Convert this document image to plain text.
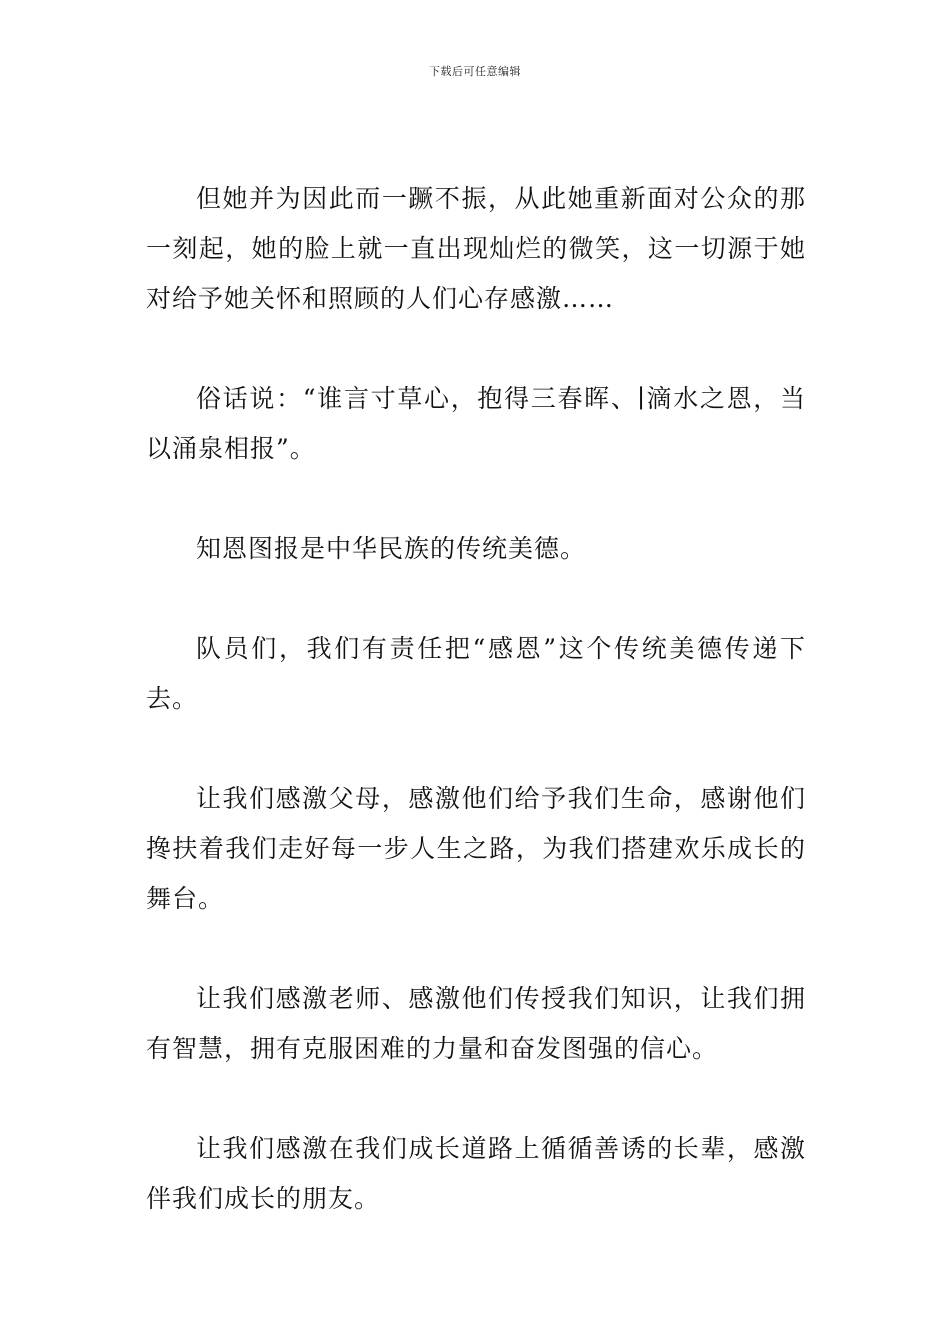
下载后可任意编辑

但她并为因此而一蹶不振，从此她重新面对公众的那一刻起，她的脸上就一直出现灿烂的微笑，这一切源于她对给予她关怀和照顾的人们心存感激……

俗话说：“谁言寸草心，抱得三春晖、∣滴水之恩，当以涌泉相报”。

知恩图报是中华民族的传统美德。

队员们，我们有责任把“感恩”这个传统美德传递下去。

让我们感激父母，感激他们给予我们生命，感谢他们搀扶着我们走好每一步人生之路，为我们搭建欢乐成长的舞台。

让我们感激老师、感激他们传授我们知识，让我们拥有智慧，拥有克服困难的力量和奋发图强的信心。

让我们感激在我们成长道路上循循善诱的长辈，感激伴我们成长的朋友。
